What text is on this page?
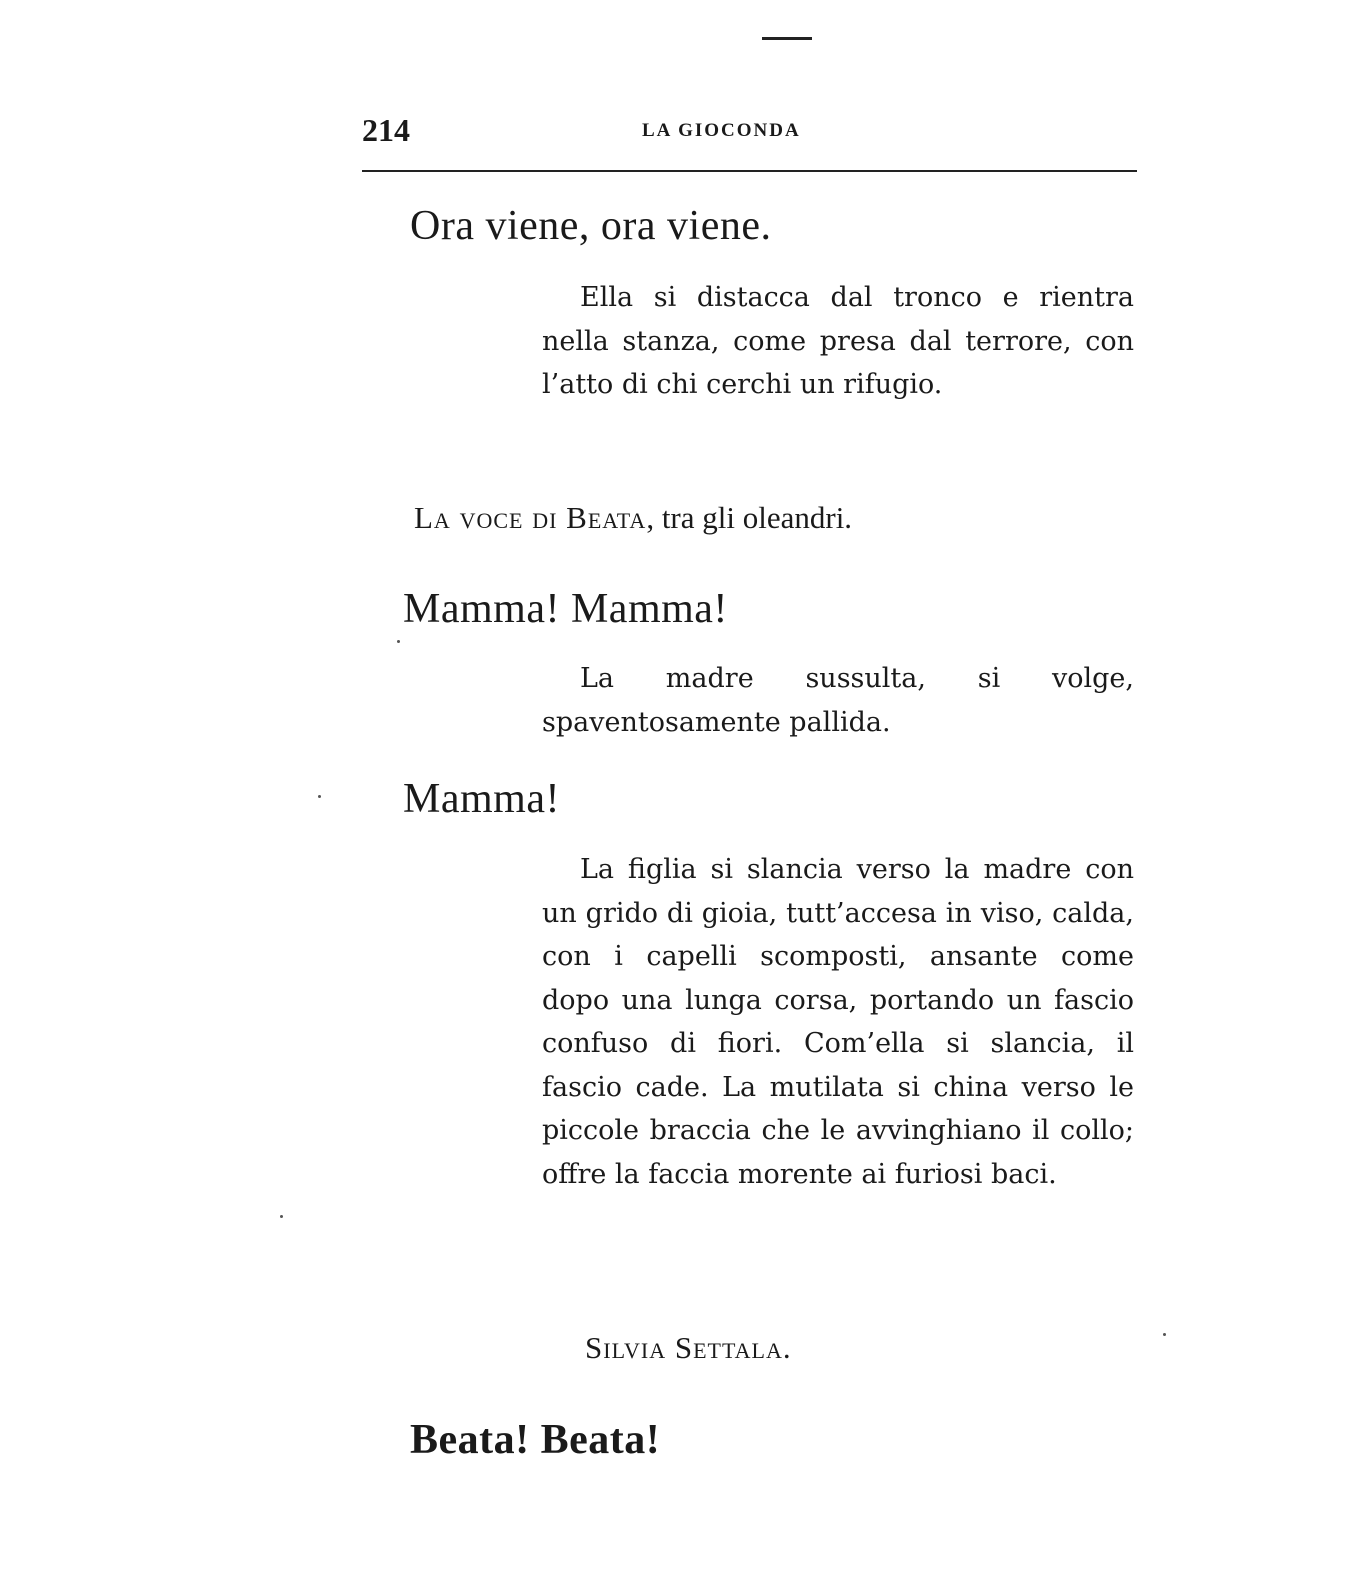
214	LA GIOCONDA
Ora viene, ora viene.
Ella si distacca dal tronco e rientra nella stanza, come presa dal terrore, con l’atto di chi cerchi un rifugio.
La voce di Beata, tra gli oleandri.
Mamma! Mamma!
La madre sussulta, si volge, spaventosamente pallida.
Mamma!
La figlia si slancia verso la madre con un grido di gioia, tutt’accesa in viso, calda, con i capelli scomposti, ansante come dopo una lunga corsa, portando un fascio confuso di fiori. Com’ella si slancia, il fascio cade. La mutilata si china verso le piccole braccia che le avvinghiano il collo; offre la faccia morente ai furiosi baci.
Silvia Settala.
Beata! Beata!
